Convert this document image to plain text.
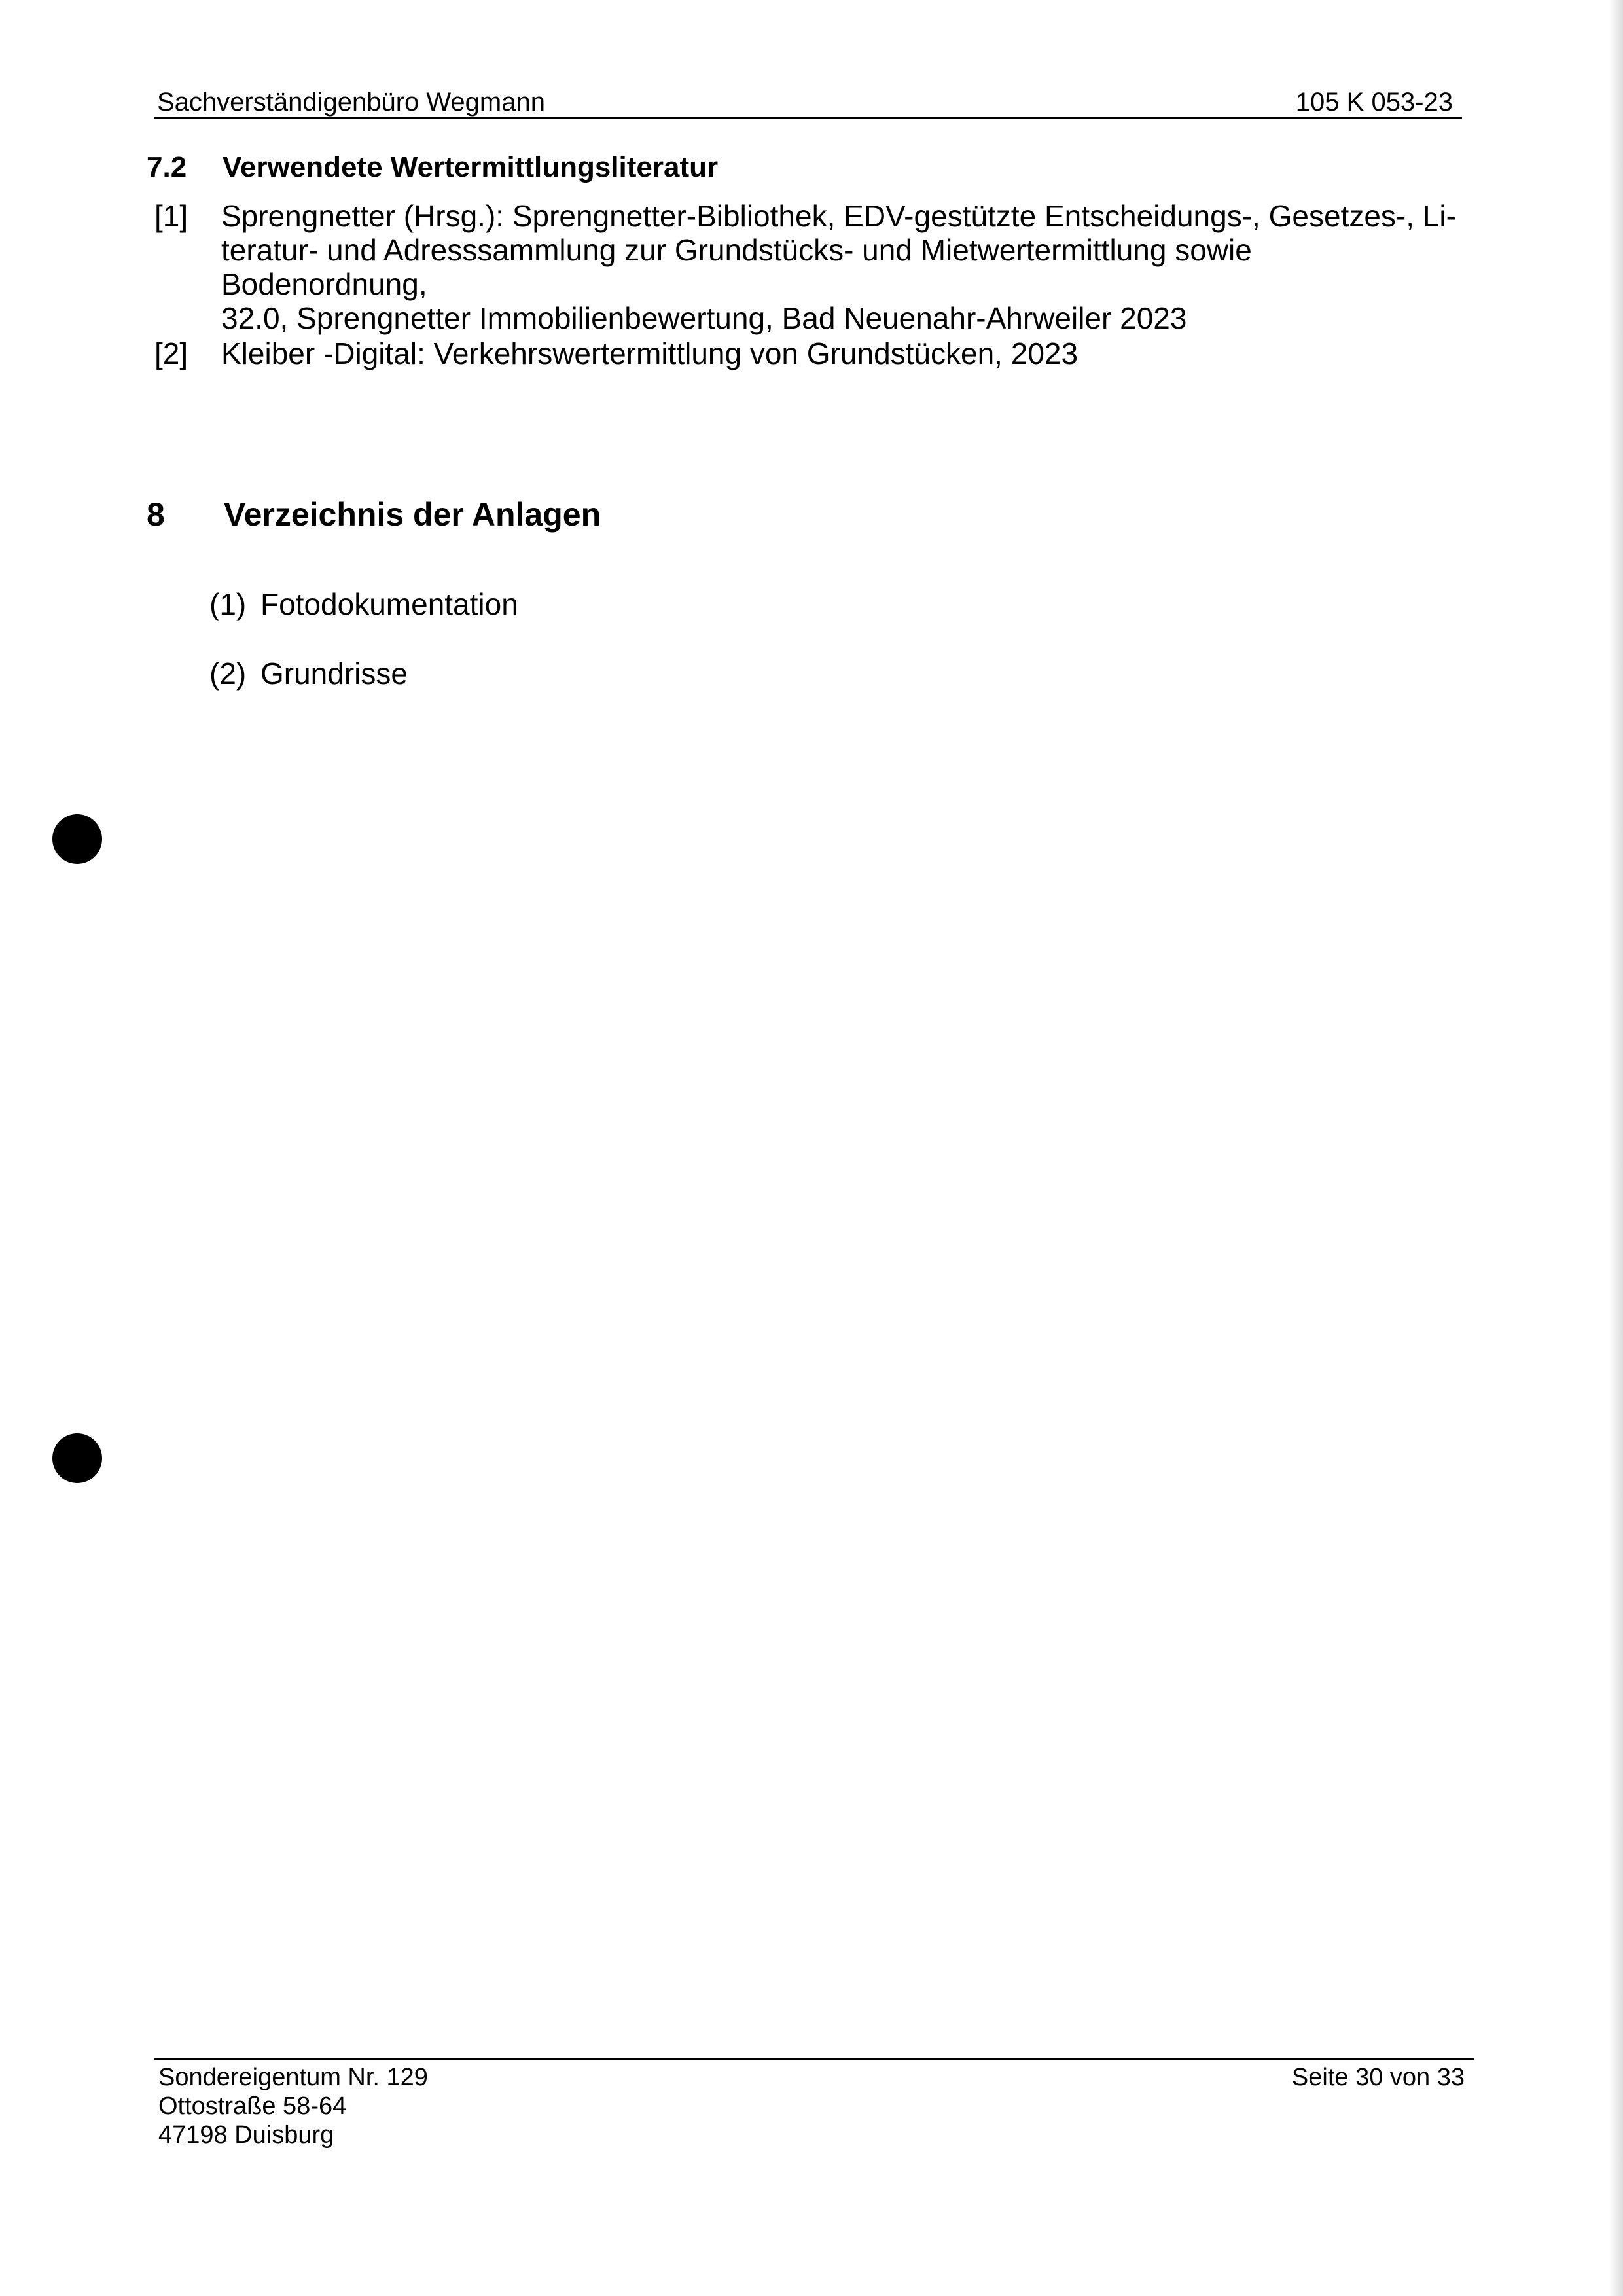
Sachverständigenbüro Wegmann	105 K 053-23
7.2 Verwendete Wertermittlungsliteratur
[1] Sprengnetter (Hrsg.): Sprengnetter-Bibliothek, EDV-gestützte Entscheidungs-, Gesetzes-, Li-
teratur- und Adresssammlung zur Grundstücks- und Mietwertermittlung sowie Bodenordnung,
32.0, Sprengnetter Immobilienbewertung, Bad Neuenahr-Ahrweiler 2023
[2] Kleiber -Digital: Verkehrswertermittlung von Grundstücken, 2023
8 Verzeichnis der Anlagen
(1) Fotodokumentation
(2) Grundrisse
Sondereigentum Nr. 129
Ottostraße 58-64
47198 Duisburg
Seite 30 von 33
